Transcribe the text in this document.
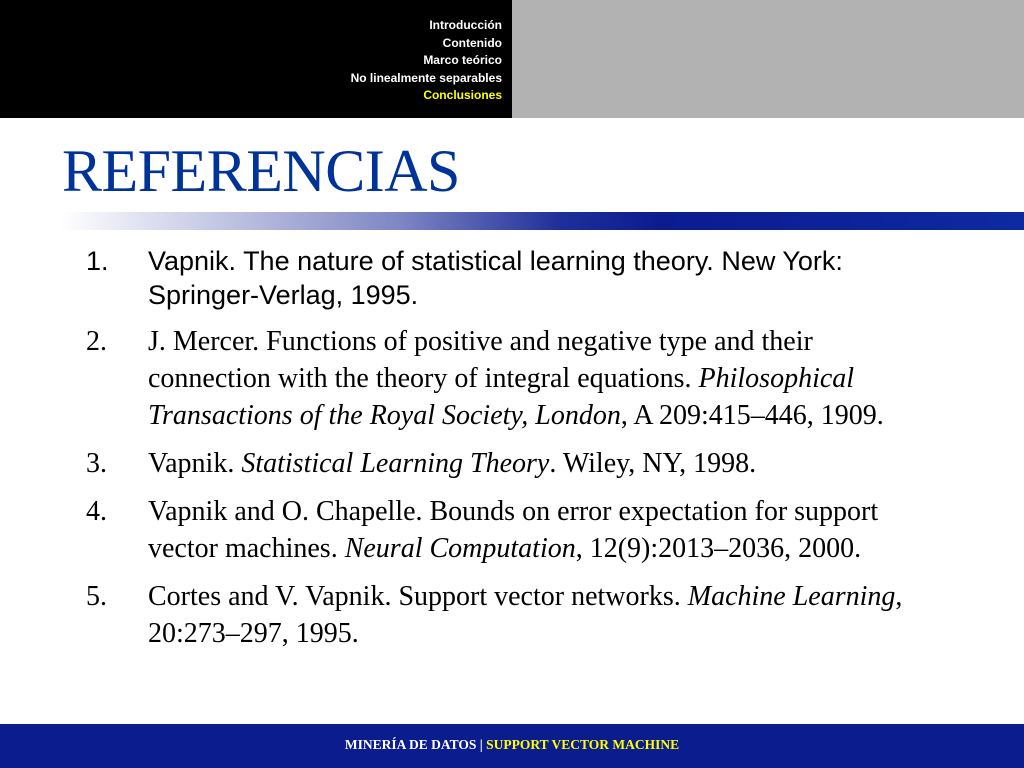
Introducción
Contenido
Marco teórico
No linealmente separables
Conclusiones
REFERENCIAS
1.	Vapnik. The nature of statistical learning theory. New York: Springer-Verlag, 1995.
2.	J. Mercer. Functions of positive and negative type and their connection with the theory of integral equations. Philosophical Transactions of the Royal Society, London, A 209:415–446, 1909.
3.	Vapnik. Statistical Learning Theory. Wiley, NY, 1998.
4.	Vapnik and O. Chapelle. Bounds on error expectation for support vector machines. Neural Computation, 12(9):2013–2036, 2000.
5.	Cortes and V. Vapnik. Support vector networks. Machine Learning, 20:273–297, 1995.
MINERÍA DE DATOS | SUPPORT VECTOR MACHINE
